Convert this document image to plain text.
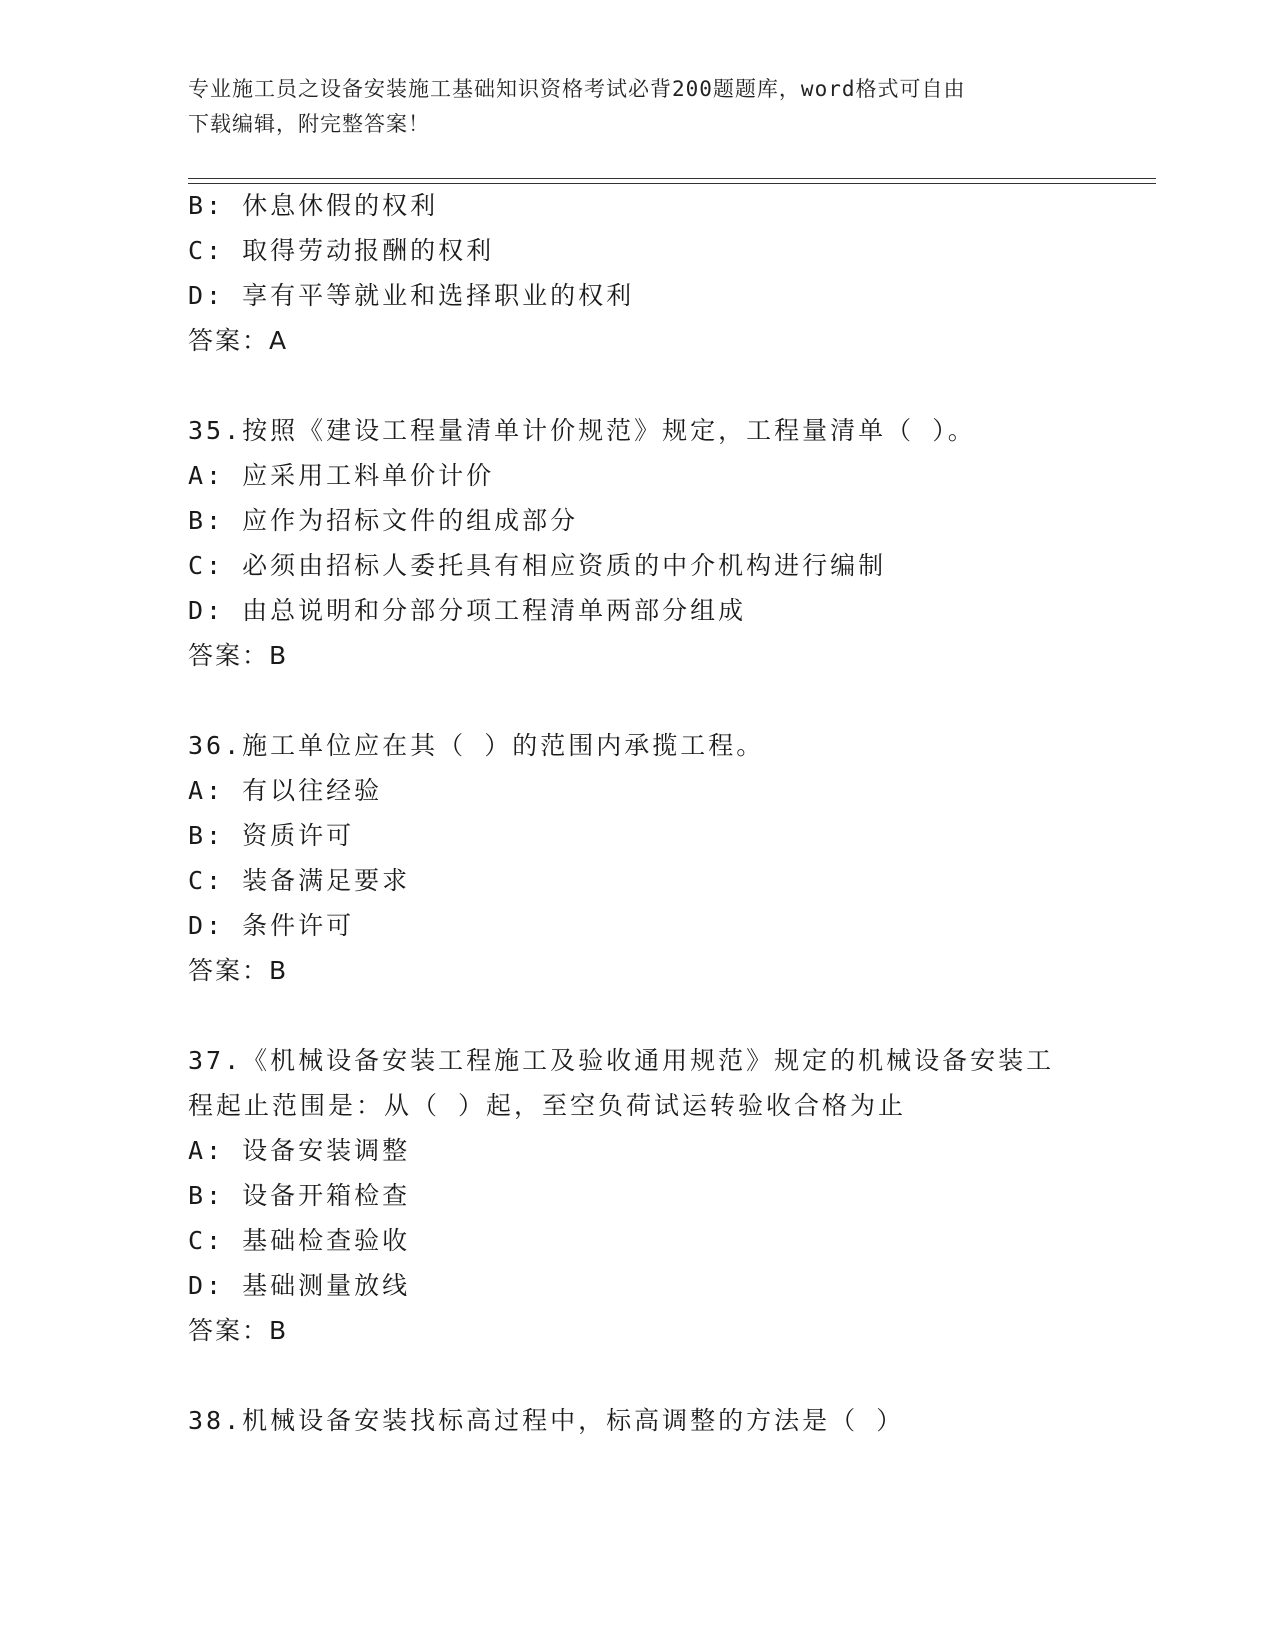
专业施工员之设备安装施工基础知识资格考试必背200题题库，word格式可自由
下载编辑，附完整答案！
B: 休息休假的权利
C: 取得劳动报酬的权利
D: 享有平等就业和选择职业的权利
答案：A
35.按照《建设工程量清单计价规范》规定，工程量清单（ ）。
A: 应采用工料单价计价
B: 应作为招标文件的组成部分
C: 必须由招标人委托具有相应资质的中介机构进行编制
D: 由总说明和分部分项工程清单两部分组成
答案：B
36.施工单位应在其（ ）的范围内承揽工程。
A: 有以往经验
B: 资质许可
C: 装备满足要求
D: 条件许可
答案：B
37.《机械设备安装工程施工及验收通用规范》规定的机械设备安装工
程起止范围是：从（ ）起，至空负荷试运转验收合格为止
A: 设备安装调整
B: 设备开箱检查
C: 基础检查验收
D: 基础测量放线
答案：B
38.机械设备安装找标高过程中，标高调整的方法是（ ）
